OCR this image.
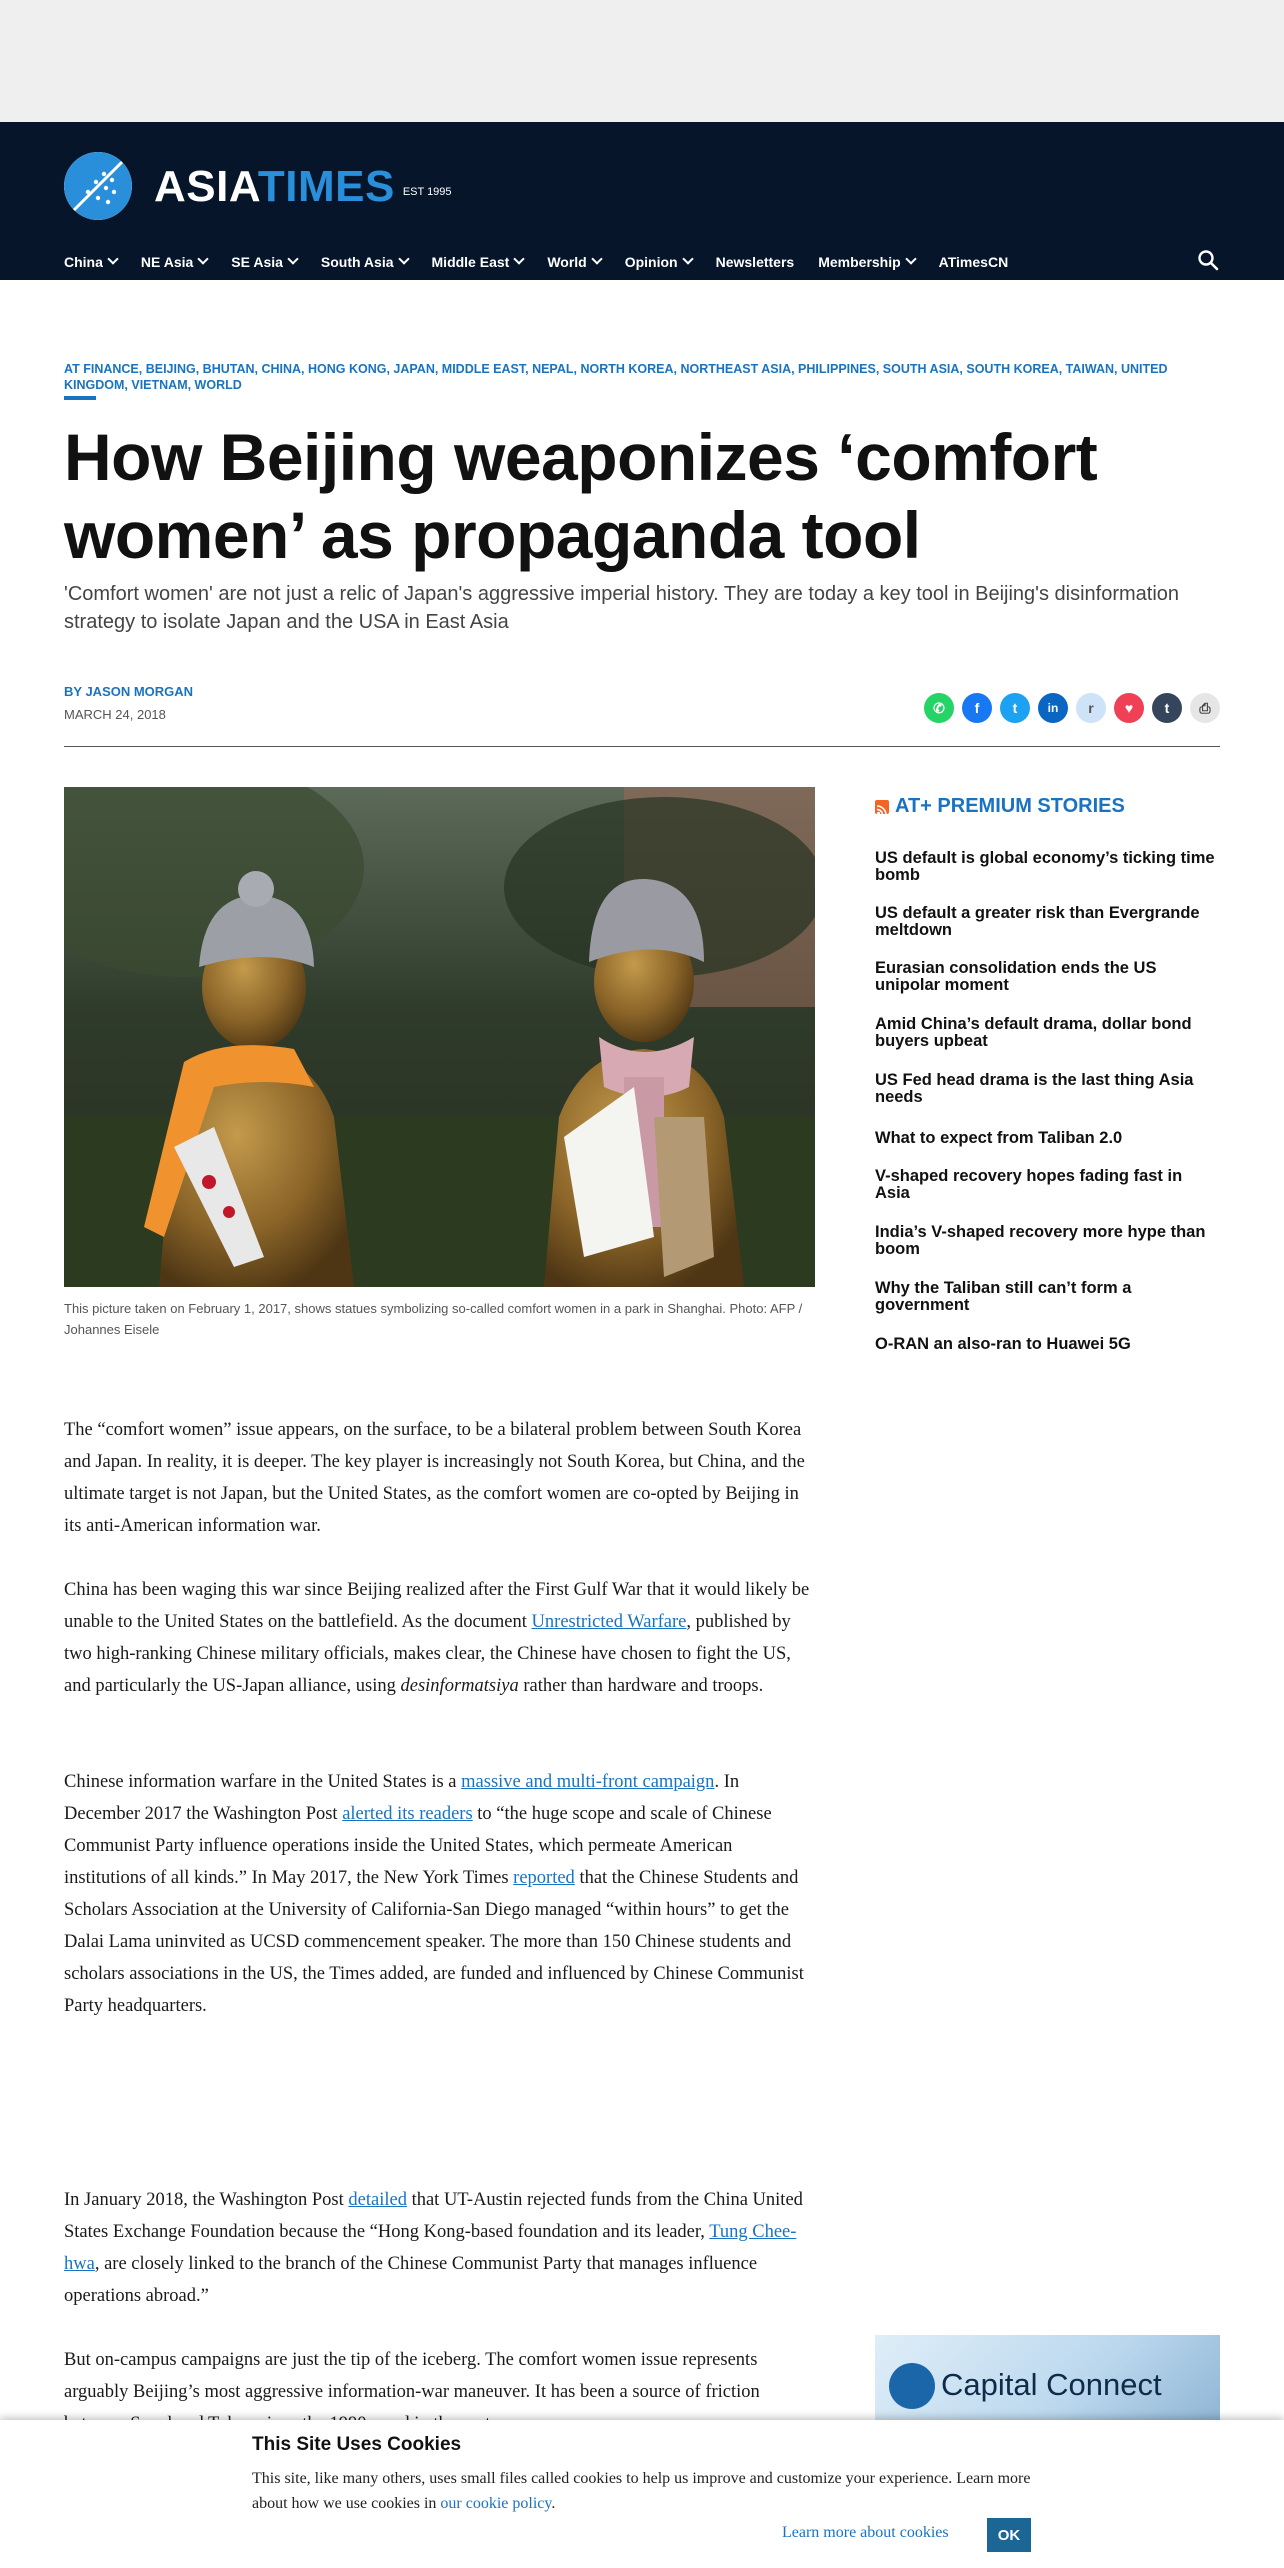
ASIATIMES EST 1995
China	NE Asia	SE Asia	South Asia	Middle East	World	Opinion	Newsletters Membership	ATimesCN
AT FINANCE, BEIJING, BHUTAN, CHINA, HONG KONG, JAPAN, MIDDLE EAST, NEPAL, NORTH KOREA, NORTHEAST ASIA, PHILIPPINES, SOUTH ASIA, SOUTH KOREA, TAIWAN, UNITED KINGDOM, VIETNAM, WORLD
How Beijing weaponizes ‘comfort women’ as propaganda tool

'Comfort women' are not just a relic of Japan's aggressive imperial history. They are today a key tool in Beijing's disinformation strategy to isolate Japan and the USA in East Asia

BY JASON MORGAN
MARCH 24, 2018	✆	f	t	in	r	♥	t	⎙
This picture taken on February 1, 2017, shows statues symbolizing so-called comfort women in a park in Shanghai. Photo: AFP / Johannes Eisele

The “comfort women” issue appears, on the surface, to be a bilateral problem between South Korea and Japan. In reality, it is deeper. The key player is increasingly not South Korea, but China, and the ultimate target is not Japan, but the United States, as the comfort women are co-opted by Beijing in its anti-American information war.

China has been waging this war since Beijing realized after the First Gulf War that it would likely be unable to the United States on the battlefield. As the document Unrestricted Warfare, published by two high-ranking Chinese military officials, makes clear, the Chinese have chosen to fight the US, and particularly the US-Japan alliance, using desinformatsiya rather than hardware and troops.

Chinese information warfare in the United States is a massive and multi-front campaign. In December 2017 the Washington Post alerted its readers to “the huge scope and scale of Chinese Communist Party influence operations inside the United States, which permeate American institutions of all kinds.” In May 2017, the New York Times reported that the Chinese Students and Scholars Association at the University of California-San Diego managed “within hours” to get the Dalai Lama uninvited as UCSD commencement speaker. The more than 150 Chinese students and scholars associations in the US, the Times added, are funded and influenced by Chinese Communist Party headquarters.

In January 2018, the Washington Post detailed that UT-Austin rejected funds from the China United States Exchange Foundation because the “Hong Kong-based foundation and its leader, Tung Chee-hwa, are closely linked to the branch of the Chinese Communist Party that manages influence operations abroad.”

But on-campus campaigns are just the tip of the iceberg. The comfort women issue represents arguably Beijing’s most aggressive information-war maneuver. It has been a source of friction

AT+ PREMIUM STORIES
US default is global economy’s ticking time bomb
US default a greater risk than Evergrande meltdown
Eurasian consolidation ends the US unipolar moment
Amid China’s default drama, dollar bond buyers upbeat
US Fed head drama is the last thing Asia needs
What to expect from Taliban 2.0
V-shaped recovery hopes fading fast in Asia
India’s V-shaped recovery more hype than boom
Why the Taliban still can’t form a government
O-RAN an also-ran to Huawei 5G
Capital Connect
This Site Uses Cookies

This site, like many others, uses small files called cookies to help us improve and customize your experience. Learn more about how we use cookies in our cookie policy.

Learn more about cookies	OK
